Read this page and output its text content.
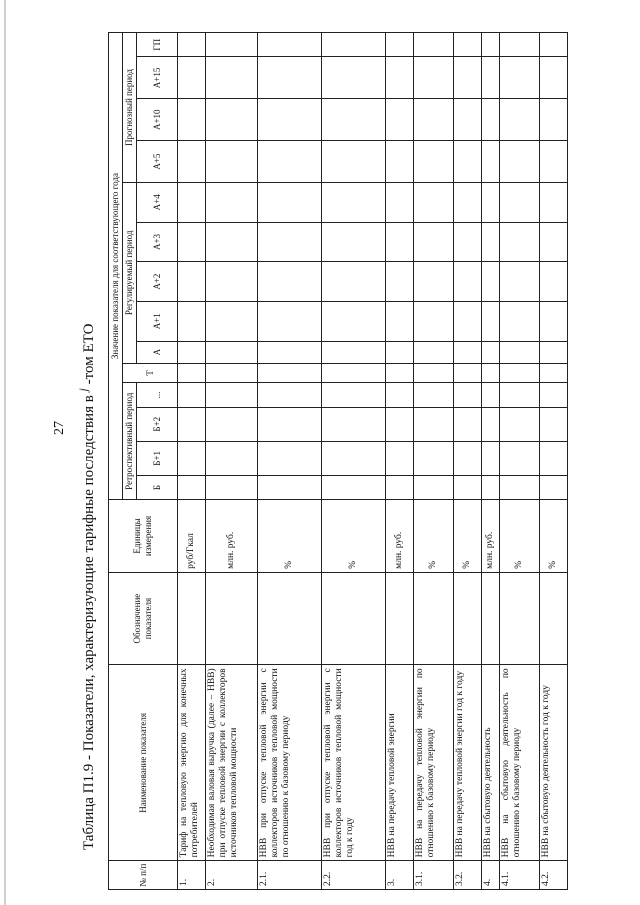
27 Таблица П1.9 - Показатели, характеризующие тарифные последствия в $^j$ -том ЕТО
№ п/п	Наименование показателя	Обозначение показателя	Единицы измерения	Значение показателя для соответствующего года													
				Ретроспективный период				Т	Регулируемый период					Прогнозный период			
				Б	Б+1	Б+2	...		А	А+1	А+2	А+3	А+4	А+5	А+10	А+15	ГП
1.	Тариф на тепловую энергию для конечных потребителей		руб/Гкал														
2.	Необходимая валовая выручка (далее – НВВ) при отпуске тепловой энергии с коллекторов источников тепловой мощности		млн. руб.														
2.1.	НВВ при отпуске тепловой энергии с коллекторов источников тепловой мощности по отношению к базовому периоду		%														
2.2.	НВВ при отпуске тепловой энергии с коллекторов источников тепловой мощности год к году		%														
3.	НВВ на передачу тепловой энергии		млн. руб.														
3.1.	НВВ на передачу тепловой энергии по отношению к базовому периоду		%														
3.2.	НВВ на передачу тепловой энергии год к году		%														
4.	НВВ на сбытовую деятельность		млн. руб.														
4.1.	НВВ на сбытовую деятельность по отношению к базовому периоду		%														
4.2.	НВВ на сбытовую деятельность год к году		%														
